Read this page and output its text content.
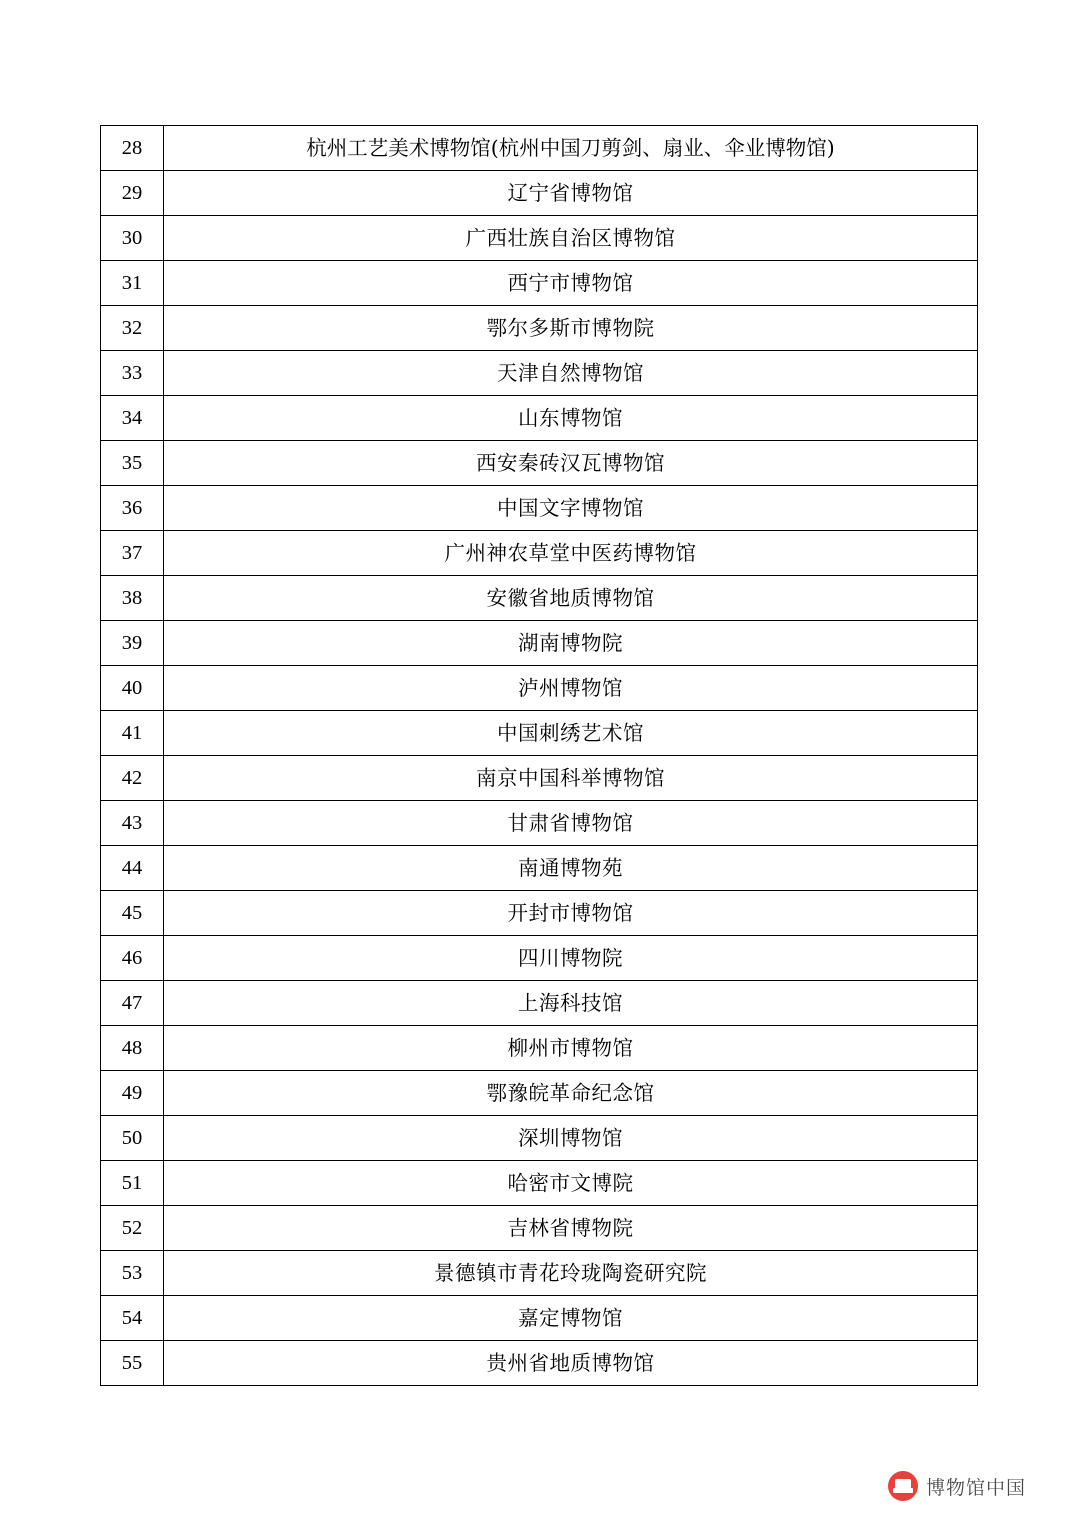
28	杭州工艺美术博物馆(杭州中国刀剪剑、扇业、伞业博物馆)
29	辽宁省博物馆
30	广西壮族自治区博物馆
31	西宁市博物馆
32	鄂尔多斯市博物院
33	天津自然博物馆
34	山东博物馆
35	西安秦砖汉瓦博物馆
36	中国文字博物馆
37	广州神农草堂中医药博物馆
38	安徽省地质博物馆
39	湖南博物院
40	泸州博物馆
41	中国刺绣艺术馆
42	南京中国科举博物馆
43	甘肃省博物馆
44	南通博物苑
45	开封市博物馆
46	四川博物院
47	上海科技馆
48	柳州市博物馆
49	鄂豫皖革命纪念馆
50	深圳博物馆
51	哈密市文博院
52	吉林省博物院
53	景德镇市青花玲珑陶瓷研究院
54	嘉定博物馆
55	贵州省地质博物馆
博物馆中国
